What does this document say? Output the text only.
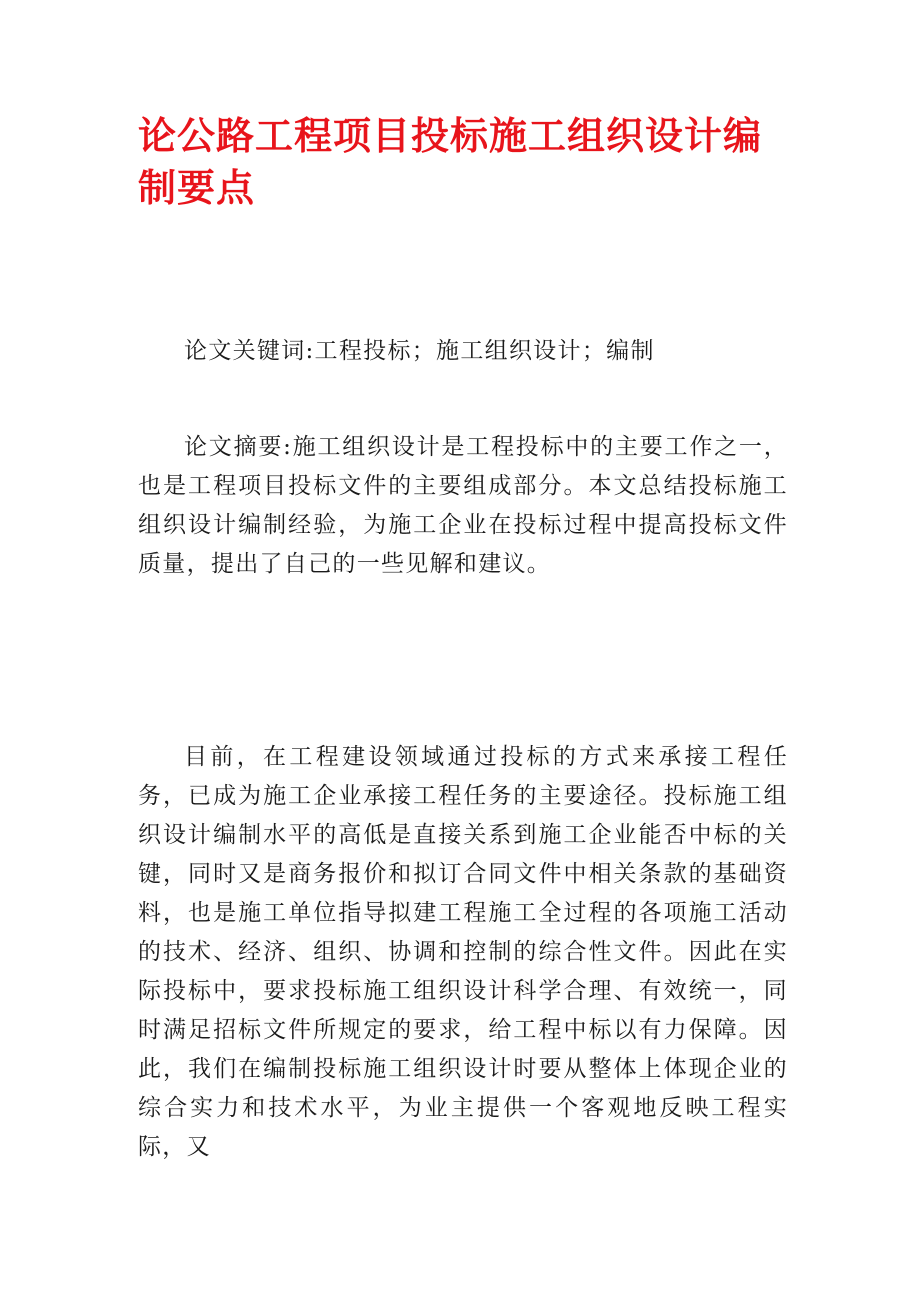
论公路工程项目投标施工组织设计编制要点

论文关键词:工程投标；施工组织设计；编制

论文摘要:施工组织设计是工程投标中的主要工作之一，也是工程项目投标文件的主要组成部分。本文总结投标施工组织设计编制经验，为施工企业在投标过程中提高投标文件质量，提出了自己的一些见解和建议。

目前，在工程建设领域通过投标的方式来承接工程任务，已成为施工企业承接工程任务的主要途径。投标施工组织设计编制水平的高低是直接关系到施工企业能否中标的关键，同时又是商务报价和拟订合同文件中相关条款的基础资料，也是施工单位指导拟建工程施工全过程的各项施工活动的技术、经济、组织、协调和控制的综合性文件。因此在实际投标中，要求投标施工组织设计科学合理、有效统一，同时满足招标文件所规定的要求，给工程中标以有力保障。因此，我们在编制投标施工组织设计时要从整体上体现企业的综合实力和技术水平，为业主提供一个客观地反映工程实际，又
